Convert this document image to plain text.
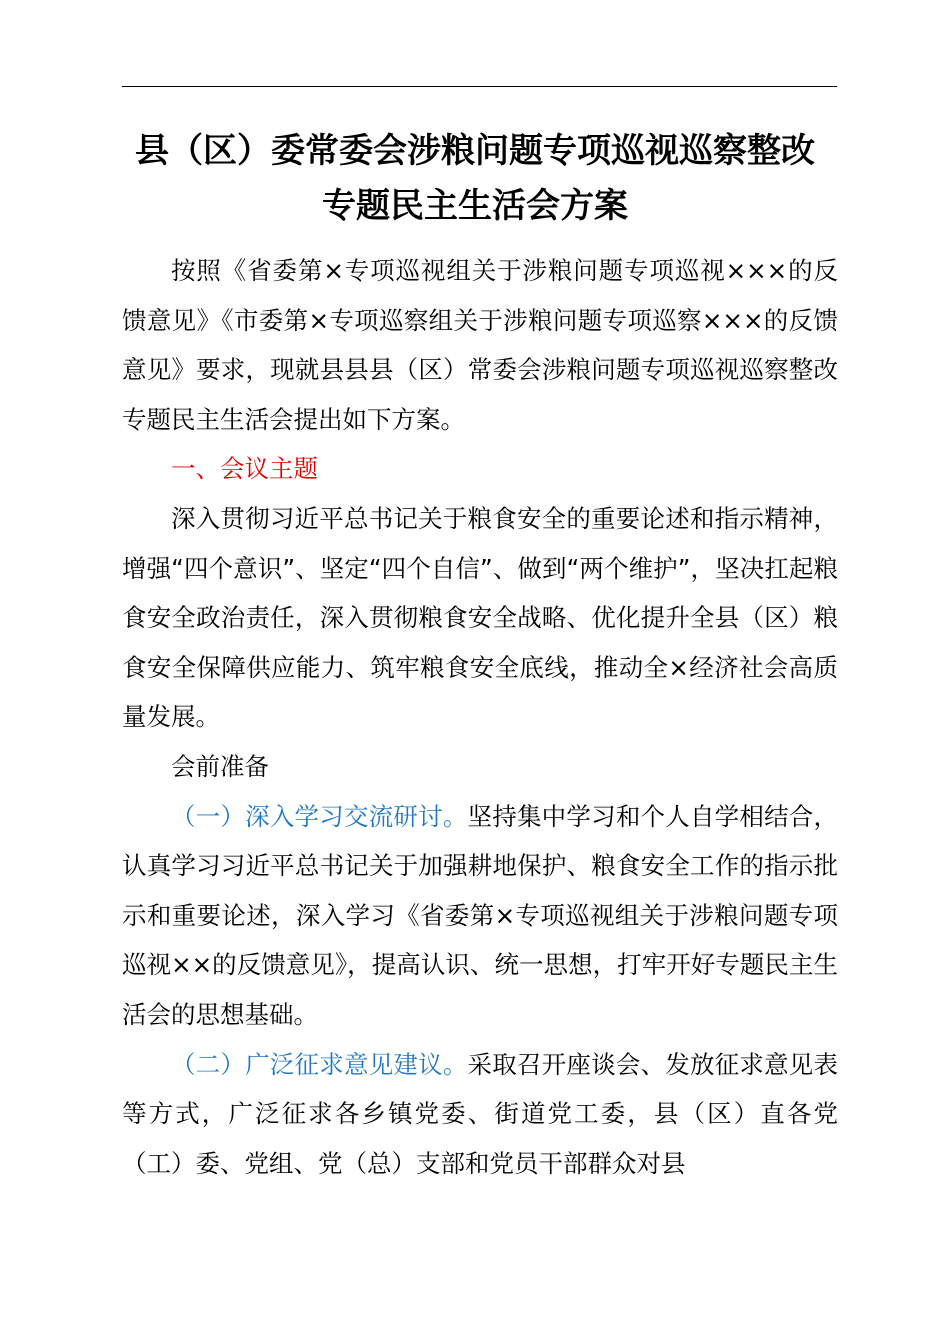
县（区）委常委会涉粮问题专项巡视巡察整改
专题民主生活会方案

按照《省委第×专项巡视组关于涉粮问题专项巡视×××的反馈意见》《市委第×专项巡察组关于涉粮问题专项巡察×××的反馈意见》要求，现就县县县（区）常委会涉粮问题专项巡视巡察整改专题民主生活会提出如下方案。

一、会议主题

深入贯彻习近平总书记关于粮食安全的重要论述和指示精神，增强“四个意识”、坚定“四个自信”、做到“两个维护”，坚决扛起粮食安全政治责任，深入贯彻粮食安全战略、优化提升全县（区）粮食安全保障供应能力、筑牢粮食安全底线，推动全×经济社会高质量发展。

会前准备

（一）深入学习交流研讨。坚持集中学习和个人自学相结合，认真学习习近平总书记关于加强耕地保护、粮食安全工作的指示批示和重要论述，深入学习《省委第×专项巡视组关于涉粮问题专项巡视××的反馈意见》，提高认识、统一思想，打牢开好专题民主生活会的思想基础。

（二）广泛征求意见建议。采取召开座谈会、发放征求意见表等方式，广泛征求各乡镇党委、街道党工委，县（区）直各党（工）委、党组、党（总）支部和党员干部群众对县
